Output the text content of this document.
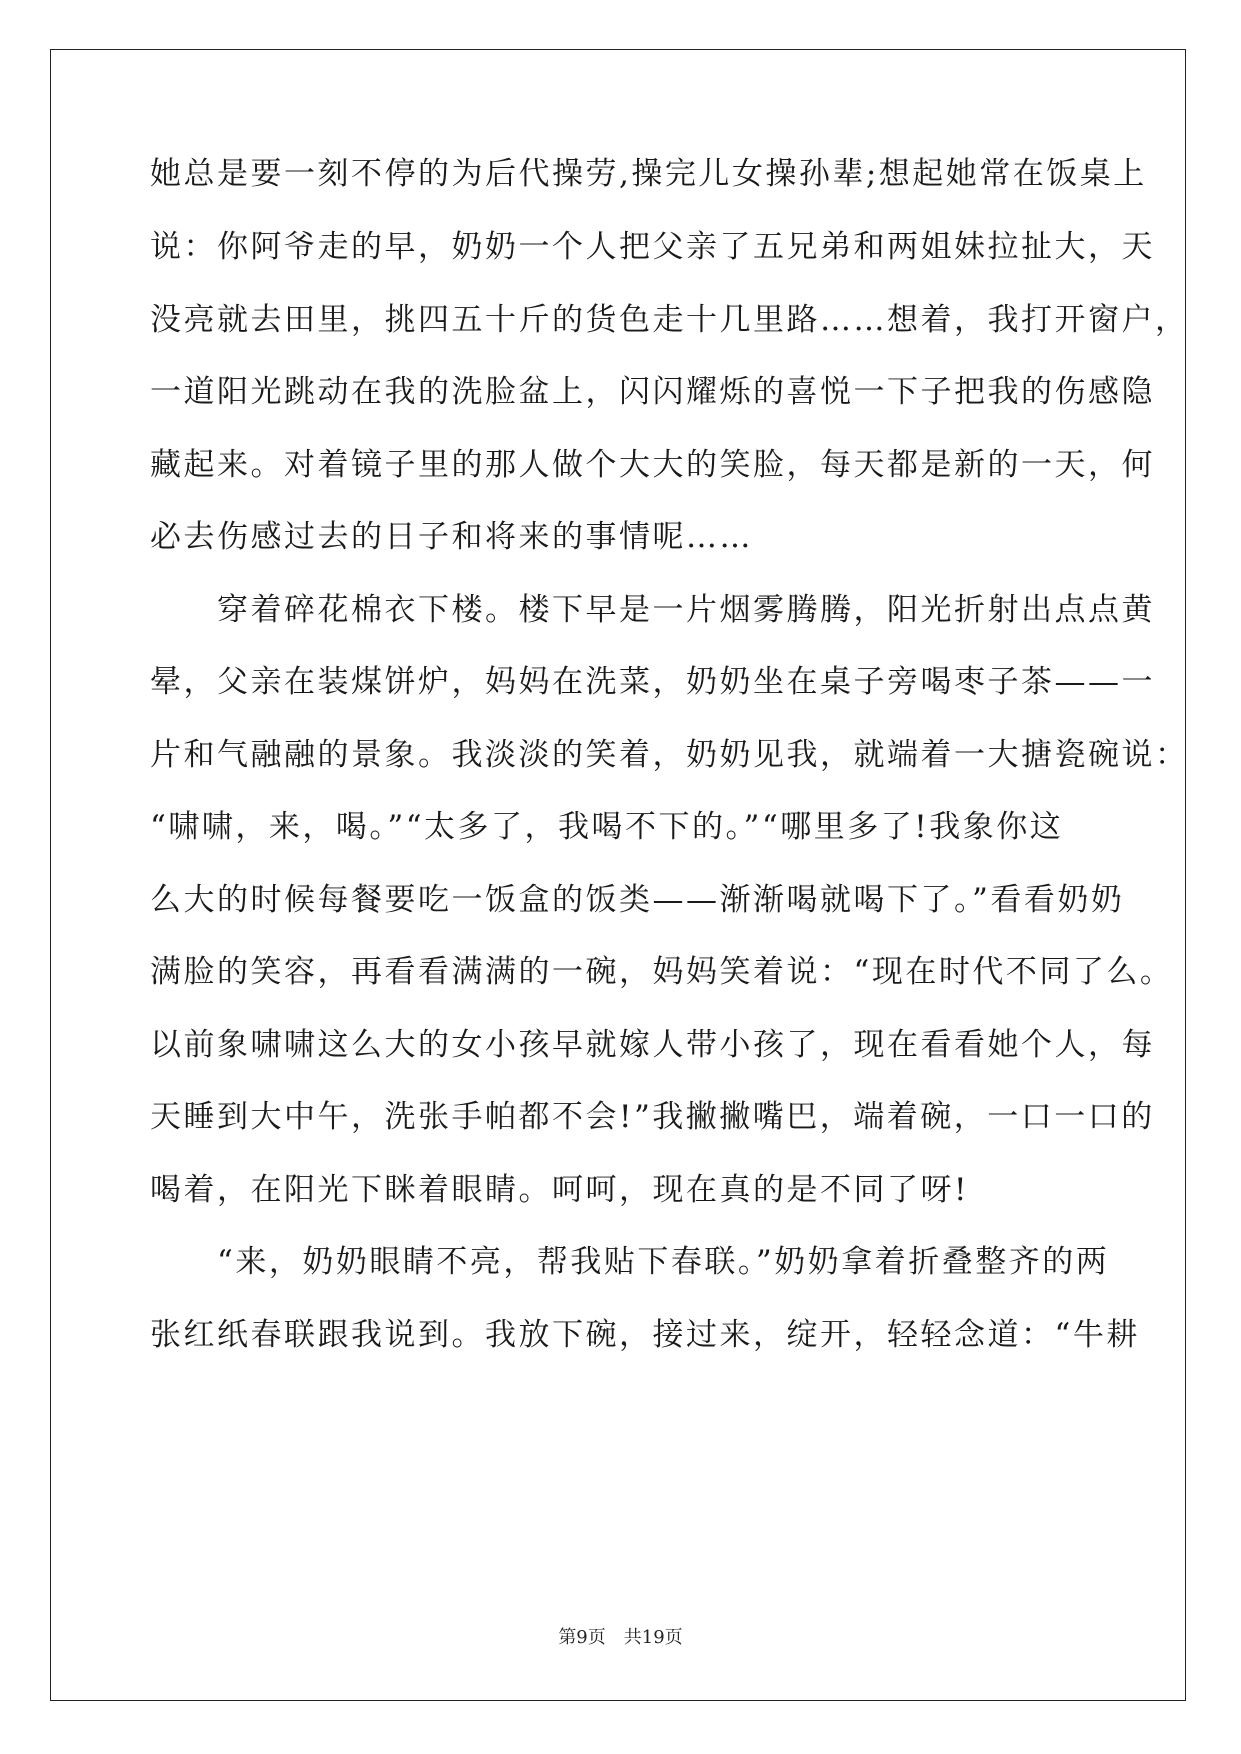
她总是要一刻不停的为后代操劳,操完儿女操孙辈;想起她常在饭桌上

说：你阿爷走的早，奶奶一个人把父亲了五兄弟和两姐妹拉扯大，天

没亮就去田里，挑四五十斤的货色走十几里路……想着，我打开窗户，

一道阳光跳动在我的洗脸盆上，闪闪耀烁的喜悦一下子把我的伤感隐

藏起来。对着镜子里的那人做个大大的笑脸，每天都是新的一天，何

必去伤感过去的日子和将来的事情呢……

　　穿着碎花棉衣下楼。楼下早是一片烟雾腾腾，阳光折射出点点黄

晕，父亲在装煤饼炉，妈妈在洗菜，奶奶坐在桌子旁喝枣子茶——一

片和气融融的景象。我淡淡的笑着，奶奶见我，就端着一大搪瓷碗说：

“啸啸，来，喝。”“太多了，我喝不下的。”“哪里多了!我象你这

么大的时候每餐要吃一饭盒的饭类——渐渐喝就喝下了。”看看奶奶

满脸的笑容，再看看满满的一碗，妈妈笑着说：“现在时代不同了么。

以前象啸啸这么大的女小孩早就嫁人带小孩了，现在看看她个人，每

天睡到大中午，洗张手帕都不会!”我撇撇嘴巴，端着碗，一口一口的

喝着，在阳光下眯着眼睛。呵呵，现在真的是不同了呀!

　　“来，奶奶眼睛不亮，帮我贴下春联。”奶奶拿着折叠整齐的两

张红纸春联跟我说到。我放下碗，接过来，绽开，轻轻念道：“牛耕

第9页　共19页
